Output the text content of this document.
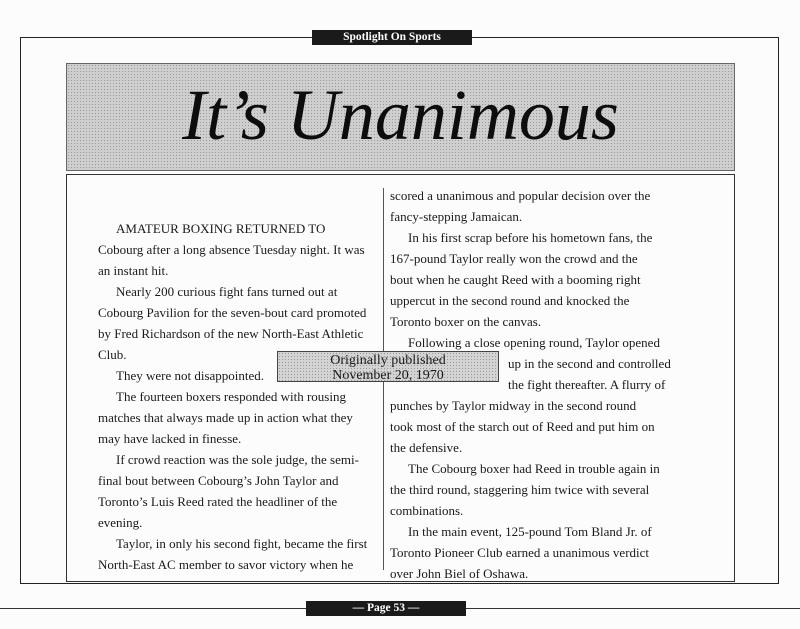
Spotlight On Sports
It’s Unanimous

AMATEUR BOXING RETURNED TO
Cobourg after a long absence Tuesday night. It was
an instant hit.

Nearly 200 curious fight fans turned out at
Cobourg Pavilion for the seven-bout card promoted
by Fred Richardson of the new North-East Athletic
Club.

They were not disappointed.

The fourteen boxers responded with rousing
matches that always made up in action what they
may have lacked in finesse.

If crowd reaction was the sole judge, the semi-
final bout between Cobourg’s John Taylor and
Toronto’s Luis Reed rated the headliner of the
evening.

Taylor, in only his second fight, became the first
North-East AC member to savor victory when he

scored a unanimous and popular decision over the
fancy-stepping Jamaican.

In his first scrap before his hometown fans, the
167-pound Taylor really won the crowd and the
bout when he caught Reed with a booming right
uppercut in the second round and knocked the
Toronto boxer on the canvas.

Following a close opening round, Taylor opened
up in the second and controlled
the fight thereafter. A flurry of
punches by Taylor midway in the second round
took most of the starch out of Reed and put him on
the defensive.

The Cobourg boxer had Reed in trouble again in
the third round, staggering him twice with several
combinations.

In the main event, 125-pound Tom Bland Jr. of
Toronto Pioneer Club earned a unanimous verdict
over John Biel of Oshawa.

Originally published
November 20, 1970
— Page 53 —
